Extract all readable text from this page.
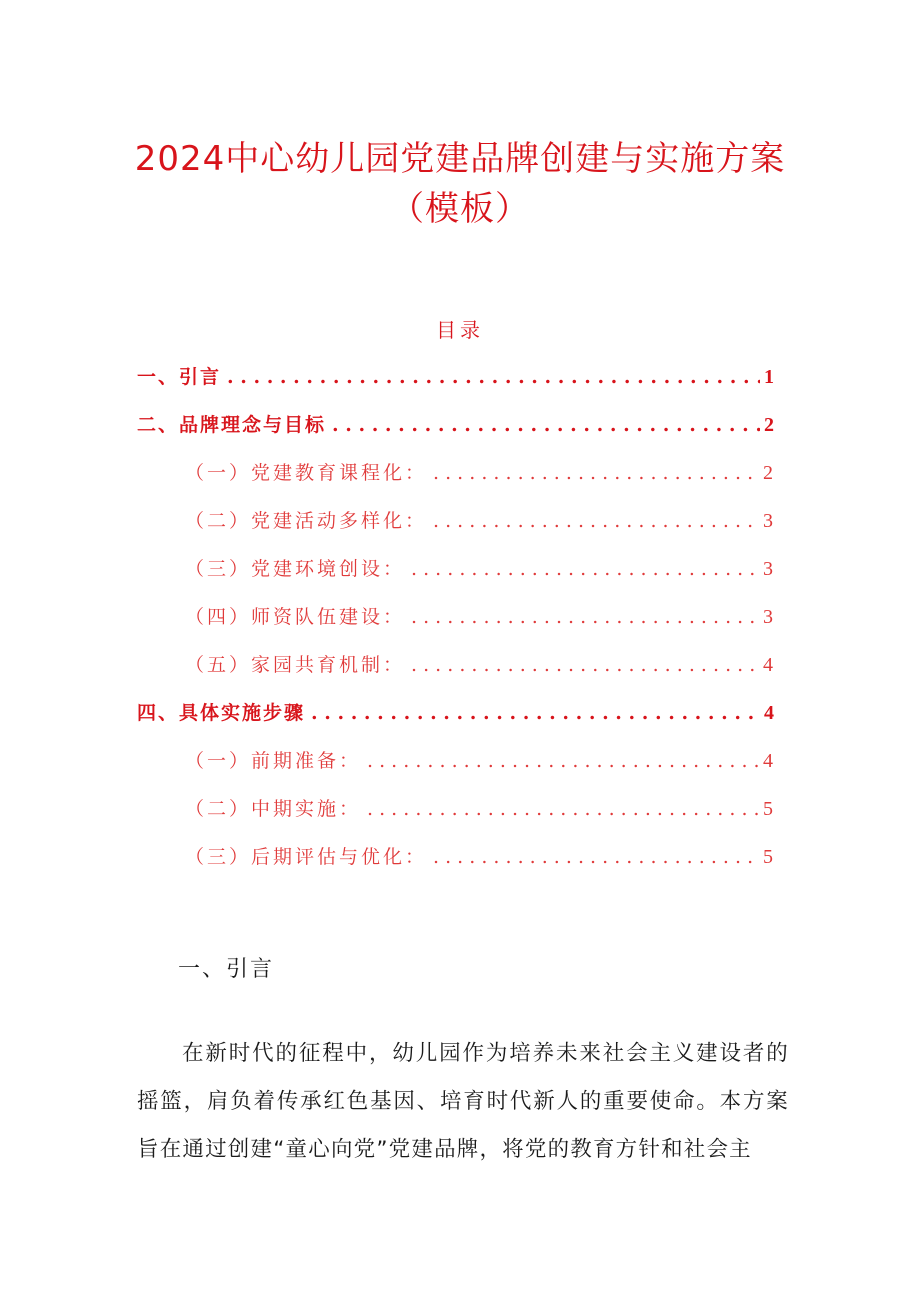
2024中心幼儿园党建品牌创建与实施方案
（模板）
目录
一、引言 . . .	1
二、品牌理念与目标 . . .	2
（一）党建教育课程化： . . .	2
（二）党建活动多样化： . . .	3
（三）党建环境创设： . . .	3
（四）师资队伍建设： . . .	3
（五）家园共育机制： . . .	4
四、具体实施步骤 . . .	4
（一）前期准备： . . .	4
（二）中期实施： . . .	5
（三）后期评估与优化： . . .	5
一、引言

在新时代的征程中，幼儿园作为培养未来社会主义建设者的摇篮，肩负着传承红色基因、培育时代新人的重要使命。本方案旨在通过创建“童心向党”党建品牌，将党的教育方针和社会主
